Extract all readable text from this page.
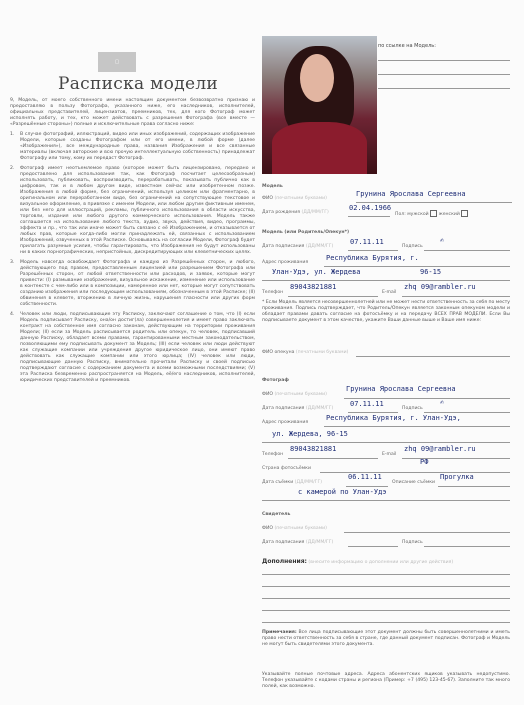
▢
Расписка модели
по ссылке на Модель:

9, Модель, от моего собственного имени настоящим документом безвозвратно признаю и предоставляю в пользу Фотографа, указанного ниже, его наследников, исполнителей, официальных представителей, лицензиатов, преемников, тех, для кого Фотограф может исполнять работу, и тех, кто может действовать с разрешения Фотографа (все вместе — «Разрешённые стороны») полные и исключительные права согласно ниже:

1.	В случае фотографий, иллюстраций, видео или иных изображений, содержащих изображение Модели, которые созданы Фотографом или от его имени, в любой форме (далее «Изображения»), все международные права, названия Изображения и все связанные материалы (включая авторские и всю прочую интеллектуальную собственность) принадлежат Фотографу или тому, кому их передаст Фотограф.
2.	Фотограф имеет неотъемлемое право (которое может быть лицензировано, передано и предоставлено для использования так, как Фотограф посчитает целесообразным) использовать, публиковать, воспроизводить, перерабатывать, показывать публично как в цифровом, так и в любом другом виде, известном сейчас или изобретенном позже. Изображения в любой форме, без ограничений, используя целиком или фрагментарно, в оригинальном или переработанном виде, без ограничений на сопутствующее текстовое и визуальное оформление, в привязке с именем Модели, или любом другим фиктивным именем, или без него для иллюстраций, рекламы, публичного использования в области искусства, торговли, издания или любого другого коммерческого использования. Модель также соглашается на использование любого текста, аудио, звука, действия, видео, программы, эффекта и пр., что так или иначе может быть связано с её Изображением, и отказывается от любых прав, которые когда-либо могли принадлежать ей, связанных с использованием Изображений, озвученных в этой Расписке. Основываясь на согласии Модели, Фотограф будет прилагать разумные усилия, чтобы гарантировать, что Изображения не будут использованы ни в каких порнографических, непристойных, дискредитирующих или клеветнических целях.
3.	Модель навсегда освобождает Фотографа и каждую из Разрешённых сторон, и любого, действующего под правом, предоставленным лицензией или разрешением Фотографа или Разрешённых сторон, от любой ответственности или расходов, и заявок, которые могут привести: (I) размывание изображения, визуальное искажение, изменение или использование в контексте с чем-либо или в композиции, намеренное или нет, которые могут сопутствовать созданию изображения или последующим использованиям, обозначенным в этой Расписке; (II) обвинения в клевете, вторжению в личную жизнь, нарушения гласности или других форм собственности.
4.	Человек или люди, подписывающие эту Расписку, заключают соглашение о том, что (I) если Модель подписывает Расписку, она/он достиг(ла) совершеннолетия и имеет право заключать контракт на собственное имя согласно законам, действующим на территории проживания Модели; (II) если за Модель расписывается родитель или опекун, то человек, подписавший данную Расписку, обладает всеми правами, гарантированными местным законодательством, позволяющими ему подписывать документ за Модель; (III) если человек или люди действуют как служащие компании или учреждения другое юридическое лицо, они имеют право действовать как служащие компании или этого юрлица; (IV) человек или люди, подписывающие данную Расписку, внимательно прочитали Расписку и своей подписью подтверждают согласие с содержанием документа и всеми возможными последствиями; (V) эта Расписка безвременно распространяется на Модель, её/его наследников, исполнителей, юридических представителей и преемников.
Модель
ФИО (печатными буквами)
Грунина Ярослава Сергеевна
Дата рождения (ДД/ММ/ГГ)
02.04.1966
Пол: мужской женский
Модель (или Родитель/Опекун*)
Дата подписания (ДД/ММ/ГГ)
07.11.11
Подпись
✍
Адрес проживания
Республика Бурятия, г.
Улан-Удэ, ул. Жердева	96-15
Телефон
89043821881
E-mail
zhq 09@rambler.ru
* Если Модель является несовершеннолетней или не может нести ответственность за себя по месту проживания. Подпись подтверждает, что Родитель/Опекун является законным опекуном модели и обладает правами давать согласие на фотосъёмку и на передачу ВСЕХ ПРАВ МОДЕЛИ. Если Вы подписываете документ в этом качестве, укажите Ваши данные выше и Ваше имя ниже:
ФИО опекуна (печатными буквами)
Фотограф
ФИО (печатными буквами)
Грунина Ярослава Сергеевна
Дата подписания (ДД/ММ/ГГ)
07.11.11
Подпись
✍
Адрес проживания
Республика Бурятия, г. Улан-Удэ,
ул. Жердева, 96-15
Телефон
89043821881
E-mail
zhq 09@rambler.ru
Страна фотосъёмки
РФ
Дата съёмки (ДД/ММ/ГГ)
06.11.11
Описание съёмки
Прогулка
с камерой по Улан-Удэ
Свидетель
ФИО (печатными буквами)
Дата подписания (ДД/ММ/ГГ)	Подпись
Дополнения: (внесите информацию о дополнении или другие действия)
Примечания: Все лица подписывающие этот документ должны быть совершеннолетними и иметь право нести ответственность за себя в стране, где данный документ подписан. Фотограф и Модель не могут быть свидетелями этого документа.
Указывайте полные почтовые адреса. Адреса абонентских ящиков указывать недопустимо. Телефон указывайте с кодами страны и региона (Пример: +7 (495) 123-45-67). Заполните так много полей, как возможно.
